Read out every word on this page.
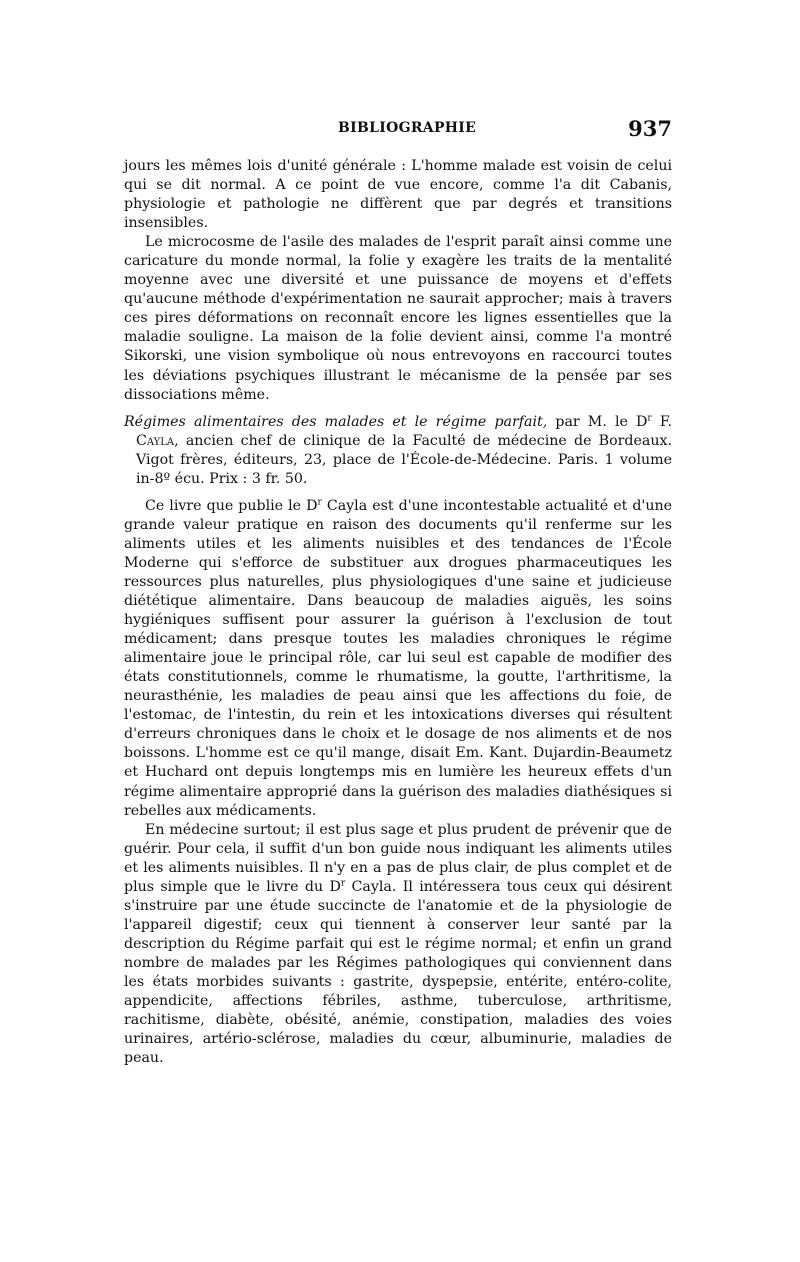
BIBLIOGRAPHIE	937

jours les mêmes lois d'unité générale : L'homme malade est voisin de celui qui se dit normal. A ce point de vue encore, comme l'a dit Cabanis, physiologie et pathologie ne diffèrent que par degrés et transitions insensibles.

Le microcosme de l'asile des malades de l'esprit paraît ainsi comme une caricature du monde normal, la folie y exagère les traits de la mentalité moyenne avec une diversité et une puissance de moyens et d'effets qu'aucune méthode d'expérimentation ne saurait approcher; mais à travers ces pires déformations on reconnaît encore les lignes essentielles que la maladie souligne. La maison de la folie devient ainsi, comme l'a montré Sikorski, une vision symbolique où nous entrevoyons en raccourci toutes les déviations psychiques illustrant le mécanisme de la pensée par ses dissociations même.

Régimes alimentaires des malades et le régime parfait, par M. le $D^r$ F. Cayla, ancien chef de clinique de la Faculté de médecine de Bordeaux. Vigot frères, éditeurs, 23, place de l'École-de-Médecine. Paris. 1 volume in-8º écu. Prix : 3 fr. 50.

Ce livre que publie le $D^r$ Cayla est d'une incontestable actualité et d'une grande valeur pratique en raison des documents qu'il renferme sur les aliments utiles et les aliments nuisibles et des tendances de l'École Moderne qui s'efforce de substituer aux drogues pharmaceutiques les ressources plus naturelles, plus physiologiques d'une saine et judicieuse diététique alimentaire. Dans beaucoup de maladies aiguës, les soins hygiéniques suffisent pour assurer la guérison à l'exclusion de tout médicament; dans presque toutes les maladies chroniques le régime alimentaire joue le principal rôle, car lui seul est capable de modifier des états constitutionnels, comme le rhumatisme, la goutte, l'arthritisme, la neurasthénie, les maladies de peau ainsi que les affections du foie, de l'estomac, de l'intestin, du rein et les intoxications diverses qui résultent d'erreurs chroniques dans le choix et le dosage de nos aliments et de nos boissons. L'homme est ce qu'il mange, disait Em. Kant. Dujardin-Beaumetz et Huchard ont depuis longtemps mis en lumière les heureux effets d'un régime alimentaire approprié dans la guérison des maladies diathésiques si rebelles aux médicaments.

En médecine surtout; il est plus sage et plus prudent de prévenir que de guérir. Pour cela, il suffit d'un bon guide nous indiquant les aliments utiles et les aliments nuisibles. Il n'y en a pas de plus clair, de plus complet et de plus simple que le livre du $D^r$ Cayla. Il intéressera tous ceux qui désirent s'instruire par une étude succincte de l'anatomie et de la physiologie de l'appareil digestif; ceux qui tiennent à conserver leur santé par la description du Régime parfait qui est le régime normal; et enfin un grand nombre de malades par les Régimes pathologiques qui conviennent dans les états morbides suivants : gastrite, dyspepsie, entérite, entéro-colite, appendicite, affections fébriles, asthme, tuberculose, arthritisme, rachitisme, diabète, obésité, anémie, constipation, maladies des voies urinaires, artério-sclérose, maladies du cœur, albuminurie, maladies de peau.
